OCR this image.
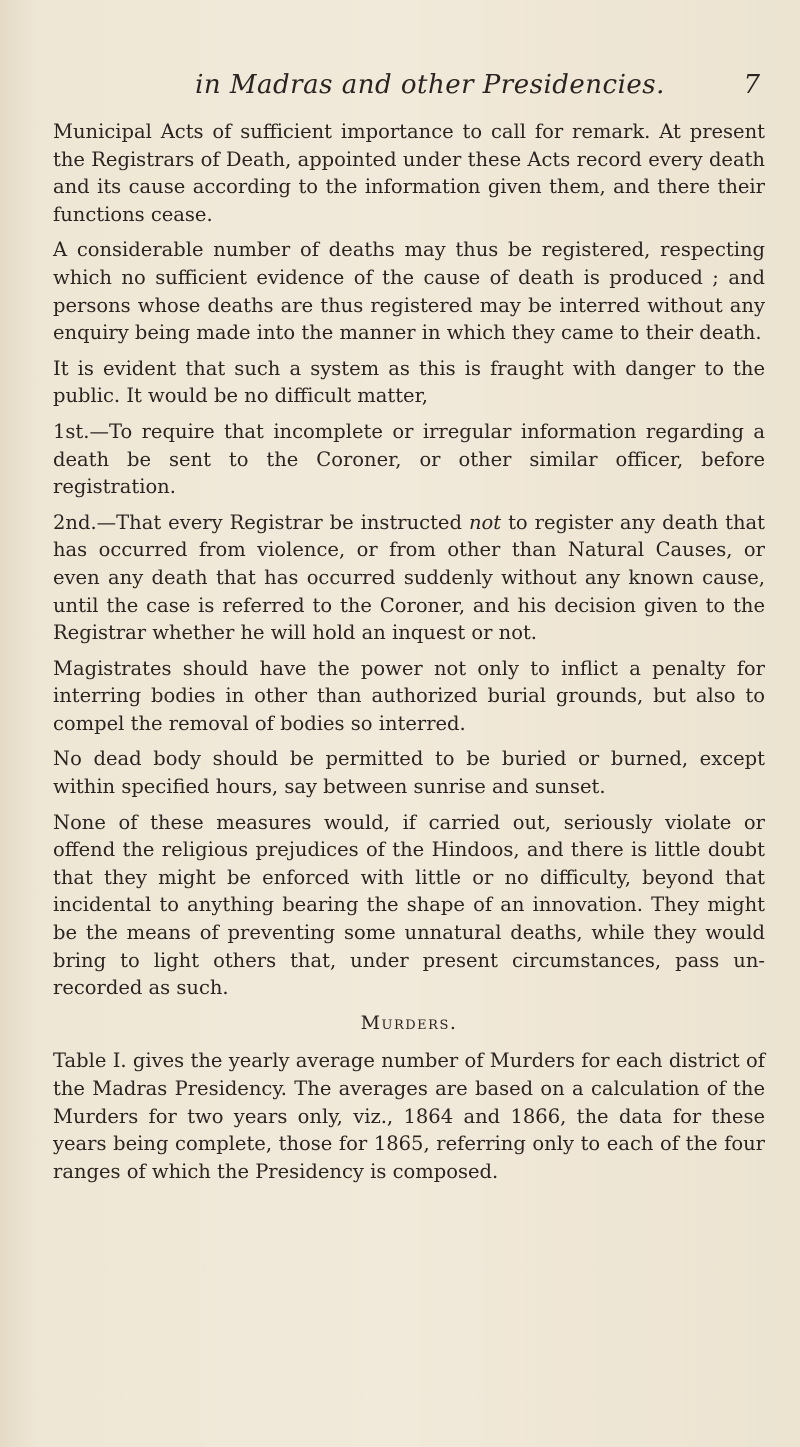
in Madras and other Presidencies.	7

Municipal Acts of sufficient importance to call for remark. At present the Registrars of Death, appointed under these Acts record every death and its cause according to the information given them, and there their functions cease.

A considerable number of deaths may thus be registered, respecting which no sufficient evidence of the cause of death is produced ; and persons whose deaths are thus registered may be interred without any enquiry being made into the manner in which they came to their death.

It is evident that such a system as this is fraught with danger to the public. It would be no difficult matter,

1st.—To require that incomplete or irregular information regarding a death be sent to the Coroner, or other similar officer, before registration.

2nd.—That every Registrar be instructed not to register any death that has occurred from violence, or from other than Natural Causes, or even any death that has occurred suddenly without any known cause, until the case is referred to the Coroner, and his decision given to the Registrar whether he will hold an inquest or not.

Magistrates should have the power not only to inflict a penalty for interring bodies in other than authorized burial grounds, but also to compel the removal of bodies so interred.

No dead body should be permitted to be buried or burned, except within specified hours, say between sunrise and sunset.

None of these measures would, if carried out, seriously violate or offend the religious prejudices of the Hindoos, and there is little doubt that they might be enforced with little or no difficulty, beyond that incidental to anything bearing the shape of an innovation. They might be the means of preventing some unnatural deaths, while they would bring to light others that, under present circumstances, pass unrecorded as such.

Murders.

Table I. gives the yearly average number of Murders for each district of the Madras Presidency. The averages are based on a calculation of the Murders for two years only, viz., 1864 and 1866, the data for these years being complete, those for 1865, referring only to each of the four ranges of which the Presidency is composed.
